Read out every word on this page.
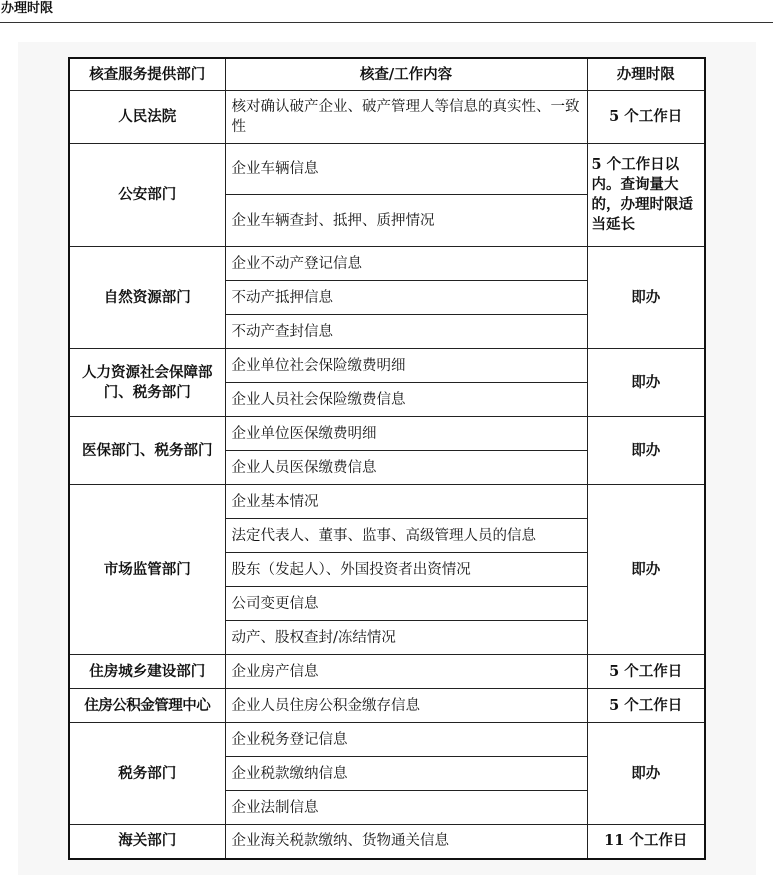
办理时限
核查服务提供部门	核查/工作内容	办理时限
人民法院	核对确认破产企业、破产管理人等信息的真实性、一致性	5 个工作日
公安部门	企业车辆信息	5 个工作日以内。查询量大的，办理时限适当延长
	企业车辆查封、抵押、质押情况	
自然资源部门	企业不动产登记信息	即办
	不动产抵押信息	
	不动产查封信息	
人力资源社会保障部门、税务部门	企业单位社会保险缴费明细	即办
	企业人员社会保险缴费信息	
医保部门、税务部门	企业单位医保缴费明细	即办
	企业人员医保缴费信息	
市场监管部门	企业基本情况	即办
	法定代表人、董事、监事、高级管理人员的信息	
	股东（发起人）、外国投资者出资情况	
	公司变更信息	
	动产、股权查封/冻结情况	
住房城乡建设部门	企业房产信息	5 个工作日
住房公积金管理中心	企业人员住房公积金缴存信息	5 个工作日
税务部门	企业税务登记信息	即办
	企业税款缴纳信息	
	企业法制信息	
海关部门	企业海关税款缴纳、货物通关信息	11 个工作日
